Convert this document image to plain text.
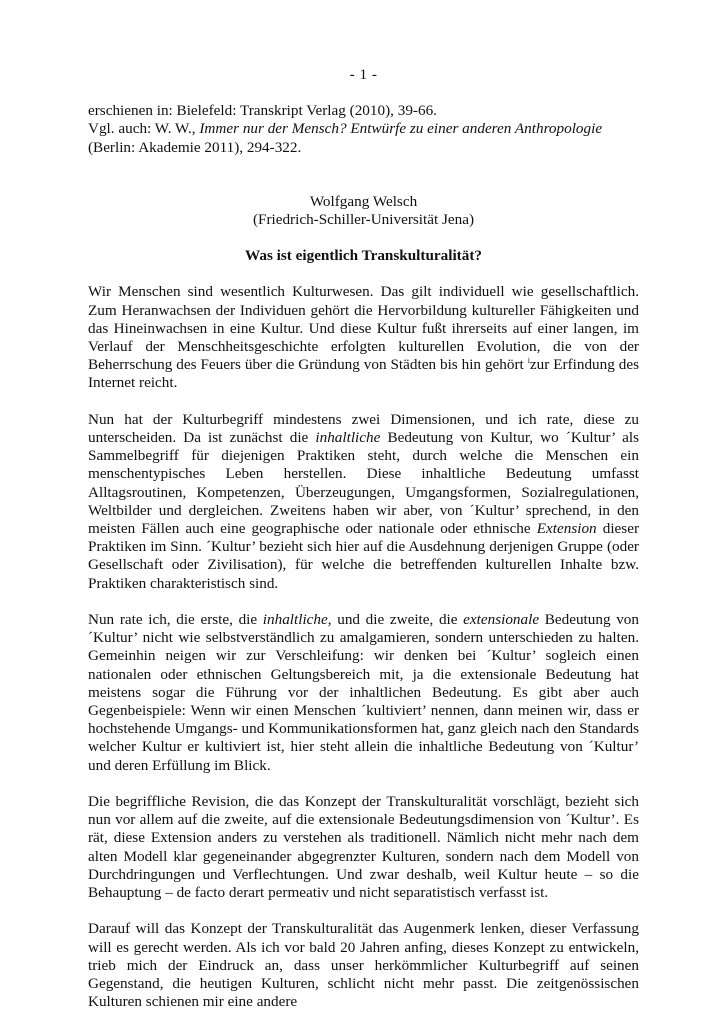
- 1 -

erschienen in: Bielefeld: Transkript Verlag (2010), 39-66.

Vgl. auch: W. W., Immer nur der Mensch? Entwürfe zu einer anderen Anthropologie (Berlin: Akademie 2011), 294-322.

Wolfgang Welsch

(Friedrich-Schiller-Universität Jena)

Was ist eigentlich Transkulturalität?

Wir Menschen sind wesentlich Kulturwesen. Das gilt individuell wie gesellschaftlich. Zum Heranwachsen der Individuen gehört die Hervorbildung kultureller Fähigkeiten und das Hineinwachsen in eine Kultur. Und diese Kultur fußt ihrerseits auf einer langen, im Verlauf der Menschheitsgeschichte erfolgten kulturellen Evolution, die von der Beherrschung des Feuers über die Gründung von Städten bis hin gehört $^i$zur Erfindung des Internet reicht.

Nun hat der Kulturbegriff mindestens zwei Dimensionen, und ich rate, diese zu unterscheiden. Da ist zunächst die inhaltliche Bedeutung von Kultur, wo ´Kultur’ als Sammelbegriff für diejenigen Praktiken steht, durch welche die Menschen ein menschentypisches Leben herstellen. Diese inhaltliche Bedeutung umfasst Alltagsroutinen, Kompetenzen, Überzeugungen, Umgangsformen, Sozialregulationen, Weltbilder und dergleichen. Zweitens haben wir aber, von ´Kultur’ sprechend, in den meisten Fällen auch eine geographische oder nationale oder ethnische Extension dieser Praktiken im Sinn. ´Kultur’ bezieht sich hier auf die Ausdehnung derjenigen Gruppe (oder Gesellschaft oder Zivilisation), für welche die betreffenden kulturellen Inhalte bzw. Praktiken charakteristisch sind.

Nun rate ich, die erste, die inhaltliche, und die zweite, die extensionale Bedeutung von ´Kultur’ nicht wie selbstverständlich zu amalgamieren, sondern unterschieden zu halten. Gemeinhin neigen wir zur Verschleifung: wir denken bei ´Kultur’ sogleich einen nationalen oder ethnischen Geltungsbereich mit, ja die extensionale Bedeutung hat meistens sogar die Führung vor der inhaltlichen Bedeutung. Es gibt aber auch Gegenbeispiele: Wenn wir einen Menschen ´kultiviert’ nennen, dann meinen wir, dass er hochstehende Umgangs- und Kommunikationsformen hat, ganz gleich nach den Standards welcher Kultur er kultiviert ist, hier steht allein die inhaltliche Bedeutung von ´Kultur’ und deren Erfüllung im Blick.

Die begriffliche Revision, die das Konzept der Transkulturalität vorschlägt, bezieht sich nun vor allem auf die zweite, auf die extensionale Bedeutungsdimension von ´Kultur’. Es rät, diese Extension anders zu verstehen als traditionell. Nämlich nicht mehr nach dem alten Modell klar gegeneinander abgegrenzter Kulturen, sondern nach dem Modell von Durchdringungen und Verflechtungen. Und zwar deshalb, weil Kultur heute – so die Behauptung – de facto derart permeativ und nicht separatistisch verfasst ist.

Darauf will das Konzept der Transkulturalität das Augenmerk lenken, dieser Verfassung will es gerecht werden. Als ich vor bald 20 Jahren anfing, dieses Konzept zu entwickeln, trieb mich der Eindruck an, dass unser herkömmlicher Kulturbegriff auf seinen Gegenstand, die heutigen Kulturen, schlicht nicht mehr passt. Die zeitgenössischen Kulturen schienen mir eine andere
